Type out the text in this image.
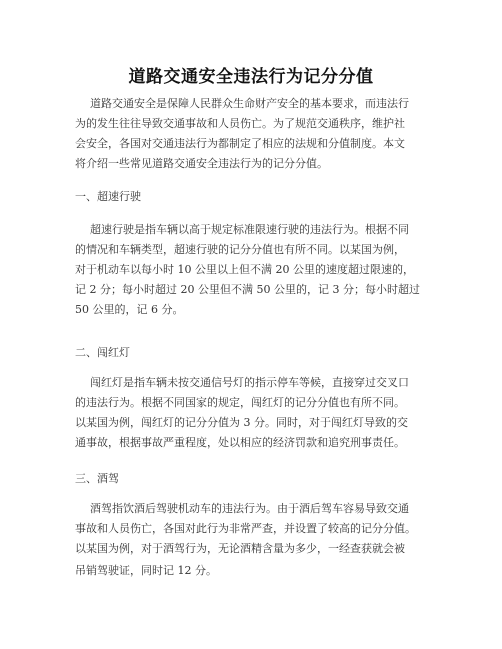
道路交通安全违法行为记分分值
道路交通安全是保障人民群众生命财产安全的基本要求，而违法行
为的发生往往导致交通事故和人员伤亡。为了规范交通秩序，维护社
会安全，各国对交通违法行为都制定了相应的法规和分值制度。本文
将介绍一些常见道路交通安全违法行为的记分分值。
一、超速行驶
超速行驶是指车辆以高于规定标准限速行驶的违法行为。根据不同
的情况和车辆类型，超速行驶的记分分值也有所不同。以某国为例，
对于机动车以每小时 10 公里以上但不满 20 公里的速度超过限速的，
记 2 分；每小时超过 20 公里但不满 50 公里的，记 3 分；每小时超过
50 公里的，记 6 分。
二、闯红灯
闯红灯是指车辆未按交通信号灯的指示停车等候，直接穿过交叉口
的违法行为。根据不同国家的规定，闯红灯的记分分值也有所不同。
以某国为例，闯红灯的记分分值为 3 分。同时，对于闯红灯导致的交
通事故，根据事故严重程度，处以相应的经济罚款和追究刑事责任。
三、酒驾
酒驾指饮酒后驾驶机动车的违法行为。由于酒后驾车容易导致交通
事故和人员伤亡，各国对此行为非常严查，并设置了较高的记分分值。
以某国为例，对于酒驾行为，无论酒精含量为多少，一经查获就会被
吊销驾驶证，同时记 12 分。
